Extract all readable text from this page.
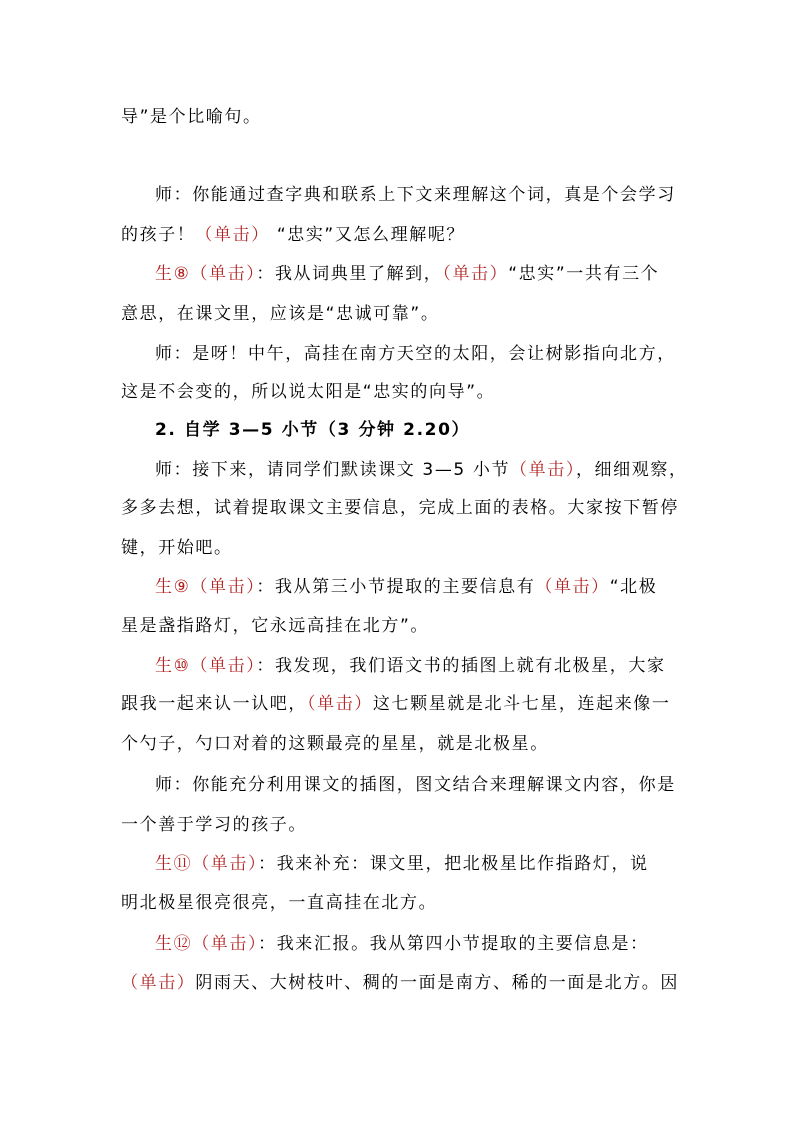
导”是个比喻句。
师：你能通过查字典和联系上下文来理解这个词，真是个会学习
的孩子！（单击） “忠实”又怎么理解呢？
生⑧（单击）：我从词典里了解到，（单击）“忠实”一共有三个
意思，在课文里，应该是“忠诚可靠”。
师：是呀！中午，高挂在南方天空的太阳，会让树影指向北方，
这是不会变的，所以说太阳是“忠实的向导”。
2. 自学 3—5 小节（3 分钟 2.20）
师：接下来，请同学们默读课文 3—5 小节（单击），细细观察，
多多去想，试着提取课文主要信息，完成上面的表格。大家按下暂停
键，开始吧。
生⑨（单击）：我从第三小节提取的主要信息有（单击）“北极
星是盏指路灯，它永远高挂在北方”。
生⑩（单击）：我发现，我们语文书的插图上就有北极星，大家
跟我一起来认一认吧，（单击）这七颗星就是北斗七星，连起来像一
个勺子，勺口对着的这颗最亮的星星，就是北极星。
师：你能充分利用课文的插图，图文结合来理解课文内容，你是
一个善于学习的孩子。
生⑪（单击）：我来补充：课文里，把北极星比作指路灯，说
明北极星很亮很亮，一直高挂在北方。
生⑫（单击）：我来汇报。我从第四小节提取的主要信息是：
（单击）阴雨天、大树枝叶、稠的一面是南方、稀的一面是北方。因
